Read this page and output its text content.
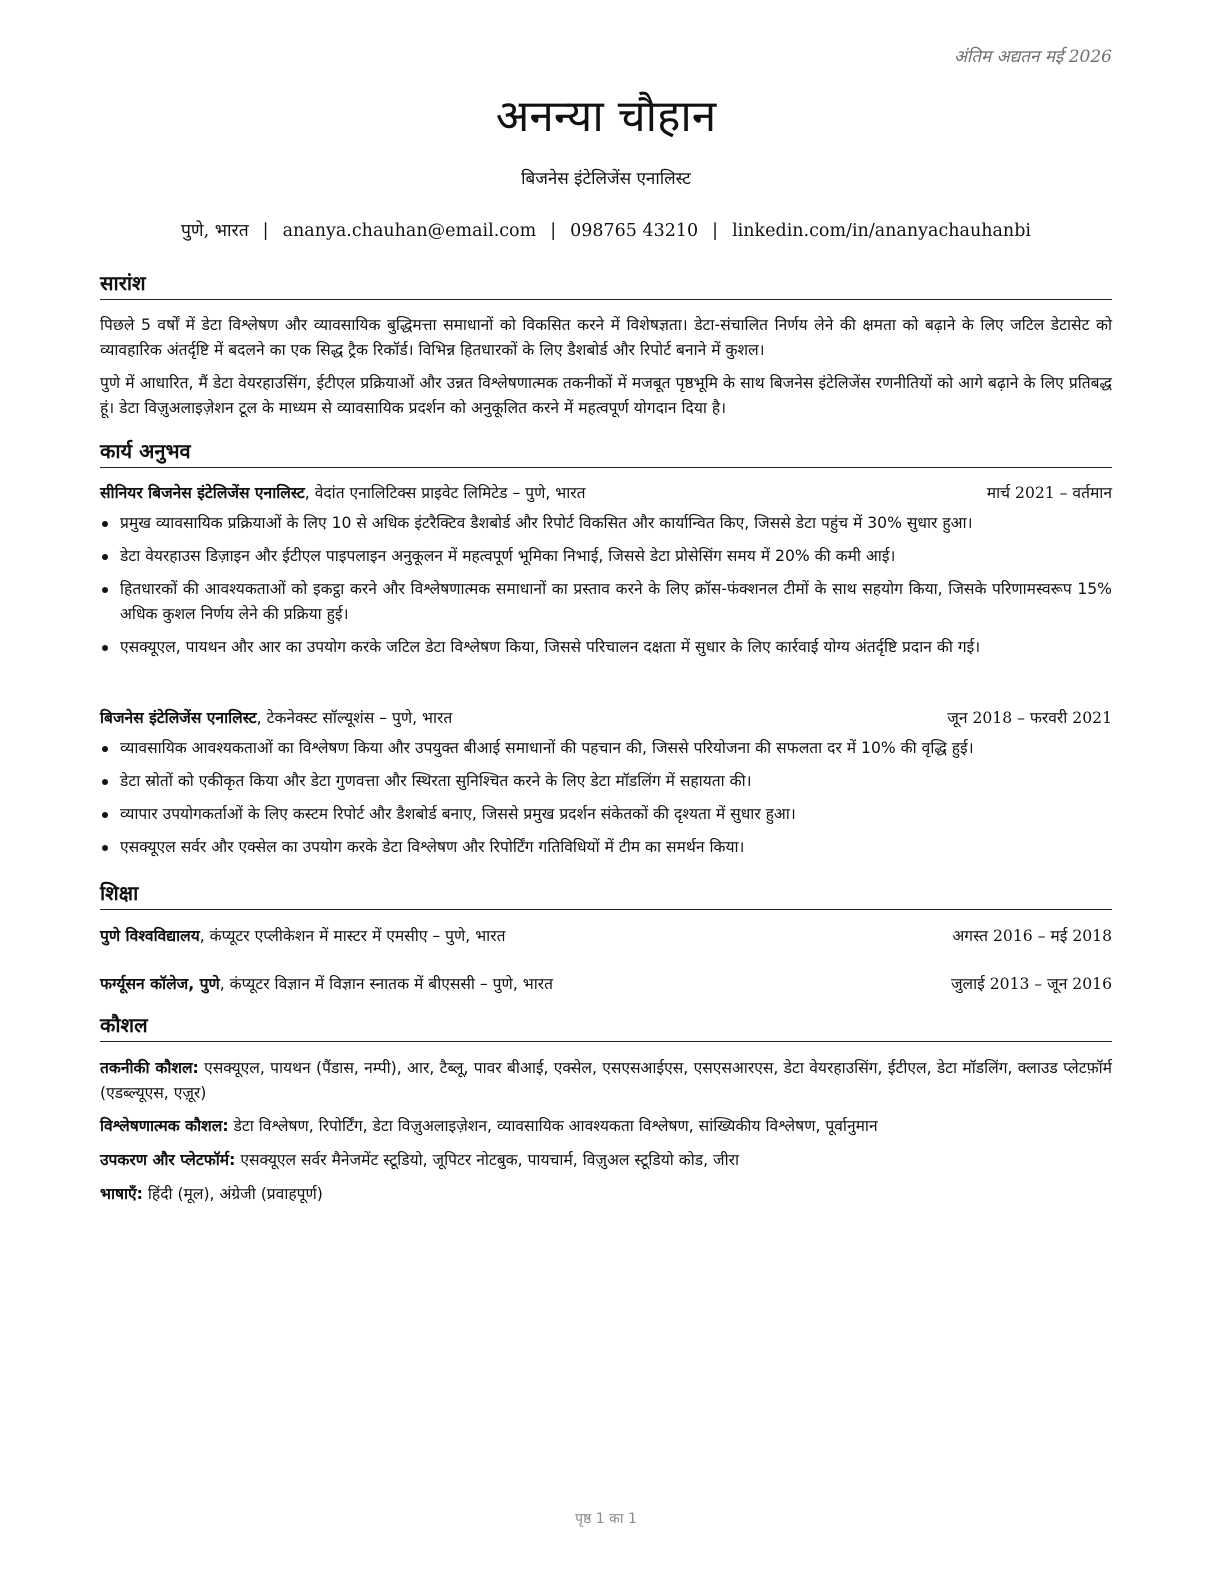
अंतिम अद्यतन मई 2026
अनन्या चौहान
बिजनेस इंटेलिजेंस एनालिस्ट
पुणे, भारत | ananya.chauhan@email.com | 098765 43210 | linkedin.com/in/ananyachauhanbi
सारांश
पिछले 5 वर्षों में डेटा विश्लेषण और व्यावसायिक बुद्धिमत्ता समाधानों को विकसित करने में विशेषज्ञता। डेटा-संचालित निर्णय लेने की क्षमता को बढ़ाने के लिए जटिल डेटासेट को व्यावहारिक अंतर्दृष्टि में बदलने का एक सिद्ध ट्रैक रिकॉर्ड। विभिन्न हितधारकों के लिए डैशबोर्ड और रिपोर्ट बनाने में कुशल।
पुणे में आधारित, मैं डेटा वेयरहाउसिंग, ईटीएल प्रक्रियाओं और उन्नत विश्लेषणात्मक तकनीकों में मजबूत पृष्ठभूमि के साथ बिजनेस इंटेलिजेंस रणनीतियों को आगे बढ़ाने के लिए प्रतिबद्ध हूं। डेटा विज़ुअलाइज़ेशन टूल के माध्यम से व्यावसायिक प्रदर्शन को अनुकूलित करने में महत्वपूर्ण योगदान दिया है।
कार्य अनुभव
सीनियर बिजनेस इंटेलिजेंस एनालिस्ट, वेदांत एनालिटिक्स प्राइवेट लिमिटेड – पुणे, भारत	मार्च 2021 – वर्तमान
प्रमुख व्यावसायिक प्रक्रियाओं के लिए 10 से अधिक इंटरैक्टिव डैशबोर्ड और रिपोर्ट विकसित और कार्यान्वित किए, जिससे डेटा पहुंच में 30% सुधार हुआ।
डेटा वेयरहाउस डिज़ाइन और ईटीएल पाइपलाइन अनुकूलन में महत्वपूर्ण भूमिका निभाई, जिससे डेटा प्रोसेसिंग समय में 20% की कमी आई।
हितधारकों की आवश्यकताओं को इकट्ठा करने और विश्लेषणात्मक समाधानों का प्रस्ताव करने के लिए क्रॉस-फंक्शनल टीमों के साथ सहयोग किया, जिसके परिणामस्वरूप 15% अधिक कुशल निर्णय लेने की प्रक्रिया हुई।
एसक्यूएल, पायथन और आर का उपयोग करके जटिल डेटा विश्लेषण किया, जिससे परिचालन दक्षता में सुधार के लिए कार्रवाई योग्य अंतर्दृष्टि प्रदान की गई।
बिजनेस इंटेलिजेंस एनालिस्ट, टेकनेक्स्ट सॉल्यूशंस – पुणे, भारत	जून 2018 – फरवरी 2021
व्यावसायिक आवश्यकताओं का विश्लेषण किया और उपयुक्त बीआई समाधानों की पहचान की, जिससे परियोजना की सफलता दर में 10% की वृद्धि हुई।
डेटा स्रोतों को एकीकृत किया और डेटा गुणवत्ता और स्थिरता सुनिश्चित करने के लिए डेटा मॉडलिंग में सहायता की।
व्यापार उपयोगकर्ताओं के लिए कस्टम रिपोर्ट और डैशबोर्ड बनाए, जिससे प्रमुख प्रदर्शन संकेतकों की दृश्यता में सुधार हुआ।
एसक्यूएल सर्वर और एक्सेल का उपयोग करके डेटा विश्लेषण और रिपोर्टिंग गतिविधियों में टीम का समर्थन किया।
शिक्षा
पुणे विश्वविद्यालय, कंप्यूटर एप्लीकेशन में मास्टर में एमसीए – पुणे, भारत	अगस्त 2016 – मई 2018
फर्ग्यूसन कॉलेज, पुणे, कंप्यूटर विज्ञान में विज्ञान स्नातक में बीएससी – पुणे, भारत	जुलाई 2013 – जून 2016
कौशल
तकनीकी कौशल: एसक्यूएल, पायथन (पैंडास, नम्पी), आर, टैब्लू, पावर बीआई, एक्सेल, एसएसआईएस, एसएसआरएस, डेटा वेयरहाउसिंग, ईटीएल, डेटा मॉडलिंग, क्लाउड प्लेटफ़ॉर्म (एडब्ल्यूएस, एज़ूर)
विश्लेषणात्मक कौशल: डेटा विश्लेषण, रिपोर्टिंग, डेटा विज़ुअलाइज़ेशन, व्यावसायिक आवश्यकता विश्लेषण, सांख्यिकीय विश्लेषण, पूर्वानुमान
उपकरण और प्लेटफॉर्म: एसक्यूएल सर्वर मैनेजमेंट स्टूडियो, जूपिटर नोटबुक, पायचार्म, विज़ुअल स्टूडियो कोड, जीरा
भाषाएँ: हिंदी (मूल), अंग्रेजी (प्रवाहपूर्ण)
पृष्ठ 1 का 1
